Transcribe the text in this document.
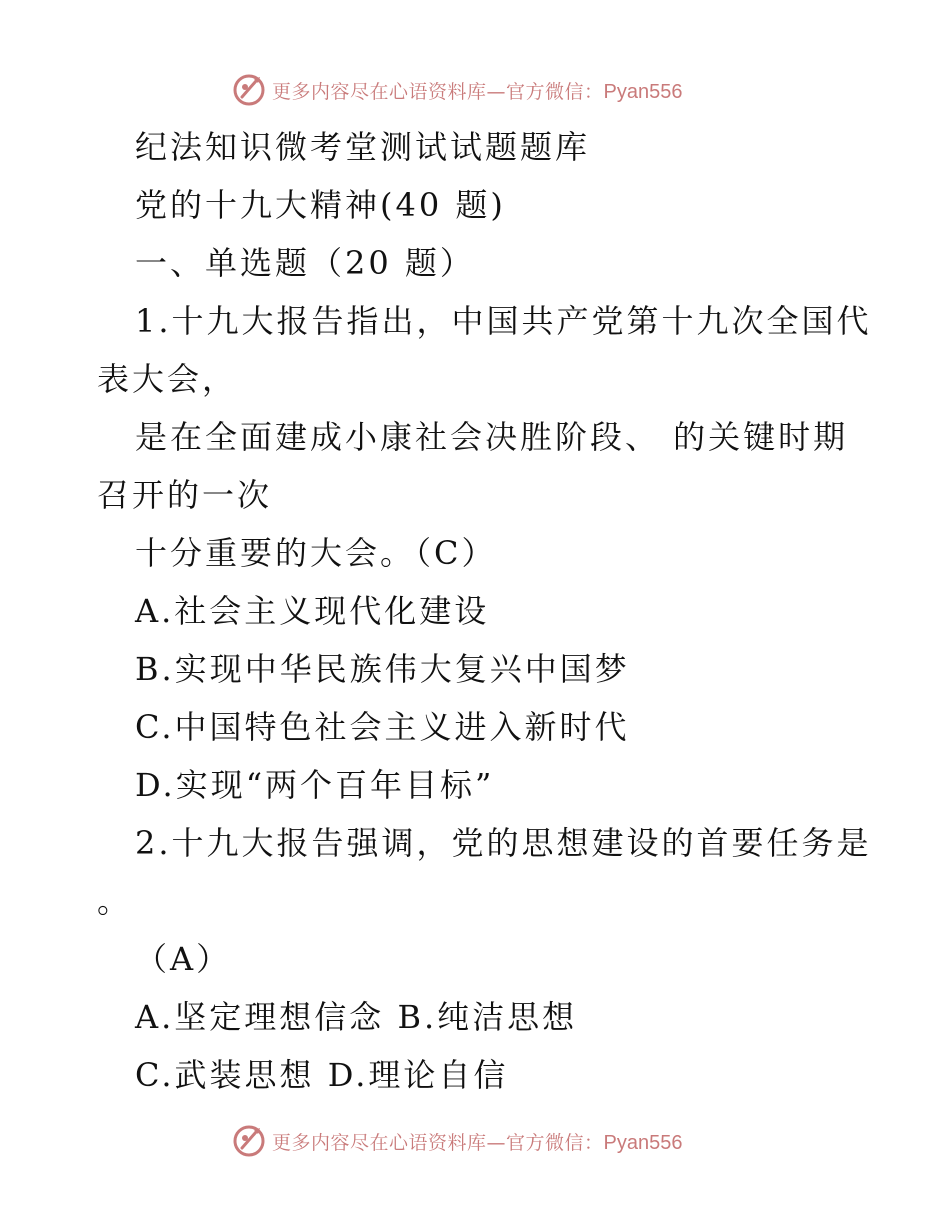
更多内容尽在心语资料库—官方微信：Pyan556
纪法知识微考堂测试试题题库
党的十九大精神(40 题)
一、单选题（20 题）
1.十九大报告指出，中国共产党第十九次全国代
表大会，
是在全面建成小康社会决胜阶段、 的关键时期
召开的一次
十分重要的大会。（C）
A.社会主义现代化建设
B.实现中华民族伟大复兴中国梦
C.中国特色社会主义进入新时代
D.实现“两个百年目标”
2.十九大报告强调，党的思想建设的首要任务是
。
（A）
A.坚定理想信念 B.纯洁思想
C.武装思想 D.理论自信
更多内容尽在心语资料库—官方微信：Pyan556
